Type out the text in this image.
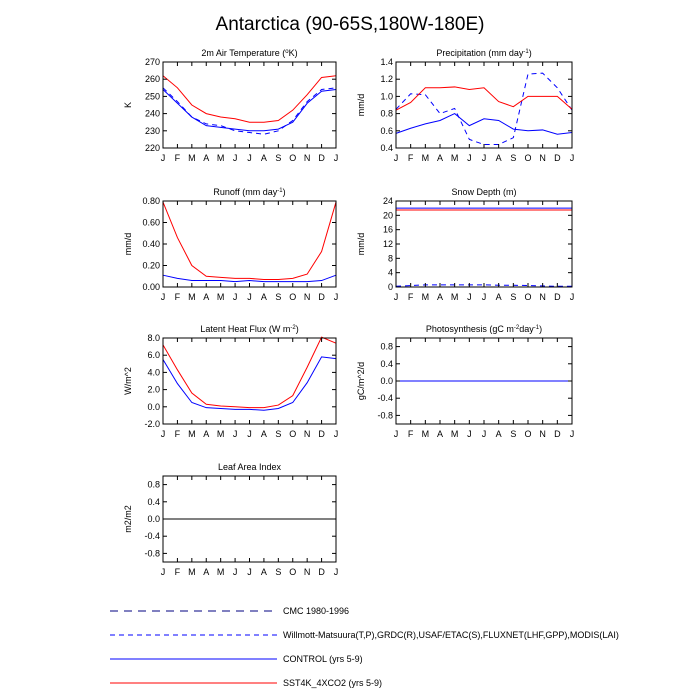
Antarctica (90-65S,180W-180E)
2m Air Temperature ($^o$K)
K
220
230
240
250
260
270
J F M A M J J A S O N D J
Precipitation (mm day$^{-1}$)
mm/d
0.4
0.6
0.8
1.0
1.2
1.4
J F M A M J J A S O N D J
Runoff (mm day$^{-1}$)
mm/d
0.00
0.20
0.40
0.60
0.80
J F M A M J J A S O N D J
Snow Depth (m)
mm/d
0
4
8
12
16
20
24
J F M A M J J A S O N D J
Latent Heat Flux (W $m^{-2}$)
W/m^2
-2.0
0.0
2.0
4.0
6.0
8.0
J F M A M J J A S O N D J
Photosynthesis (gC $m^{-2}day^{-1}$)
gC/m^2/d
-0.8
-0.4
0.0
0.4
0.8
J F M A M J J A S O N D J
Leaf Area Index
m2/m2
-0.8
-0.4
0.0
0.4
0.8
J F M A M J J A S O N D J
CMC 1980-1996
Willmott-Matsuura(T,P),GRDC(R),USAF/ETAC(S),FLUXNET(LHF,GPP),MODIS(LAI)
CONTROL (yrs 5-9)
SST4K_4XCO2 (yrs 5-9)
